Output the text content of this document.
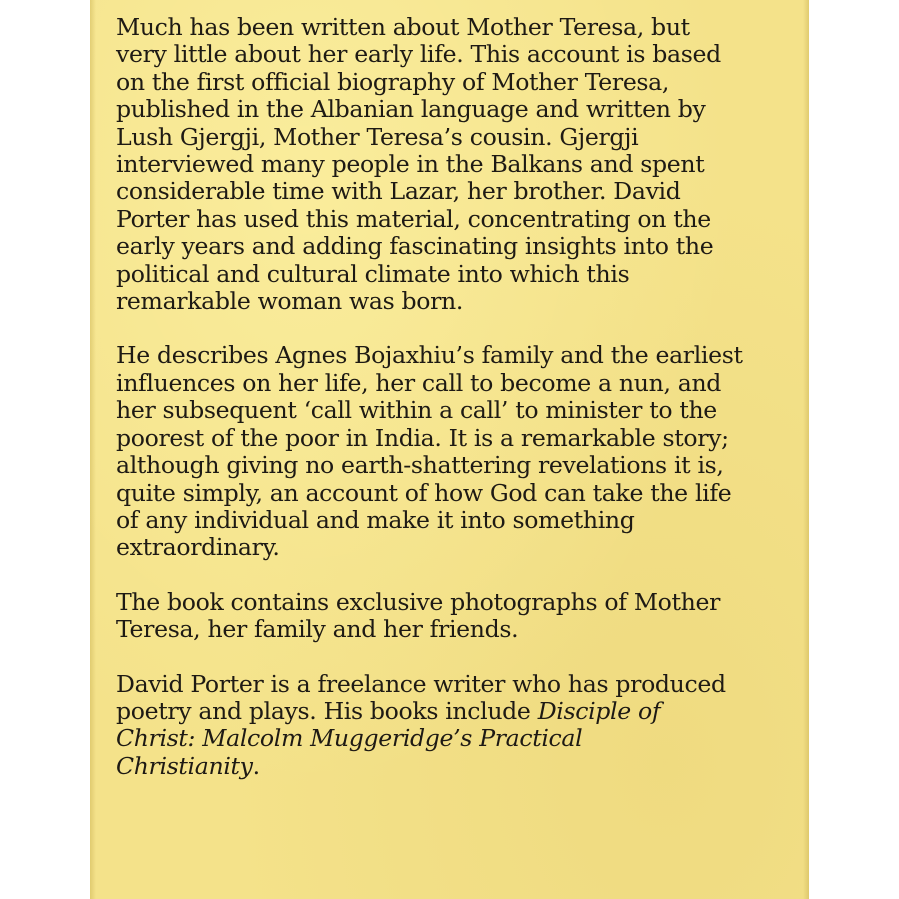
Much has been written about Mother Teresa, but
very little about her early life. This account is based
on the first official biography of Mother Teresa,
published in the Albanian language and written by
Lush Gjergji, Mother Teresa’s cousin. Gjergji
interviewed many people in the Balkans and spent
considerable time with Lazar, her brother. David
Porter has used this material, concentrating on the
early years and adding fascinating insights into the
political and cultural climate into which this
remarkable woman was born.

He describes Agnes Bojaxhiu’s family and the earliest
influences on her life, her call to become a nun, and
her subsequent ‘call within a call’ to minister to the
poorest of the poor in India. It is a remarkable story;
although giving no earth-shattering revelations it is,
quite simply, an account of how God can take the life
of any individual and make it into something
extraordinary.

The book contains exclusive photographs of Mother
Teresa, her family and her friends.

David Porter is a freelance writer who has produced
poetry and plays. His books include Disciple of
Christ: Malcolm Muggeridge’s Practical
Christianity.
